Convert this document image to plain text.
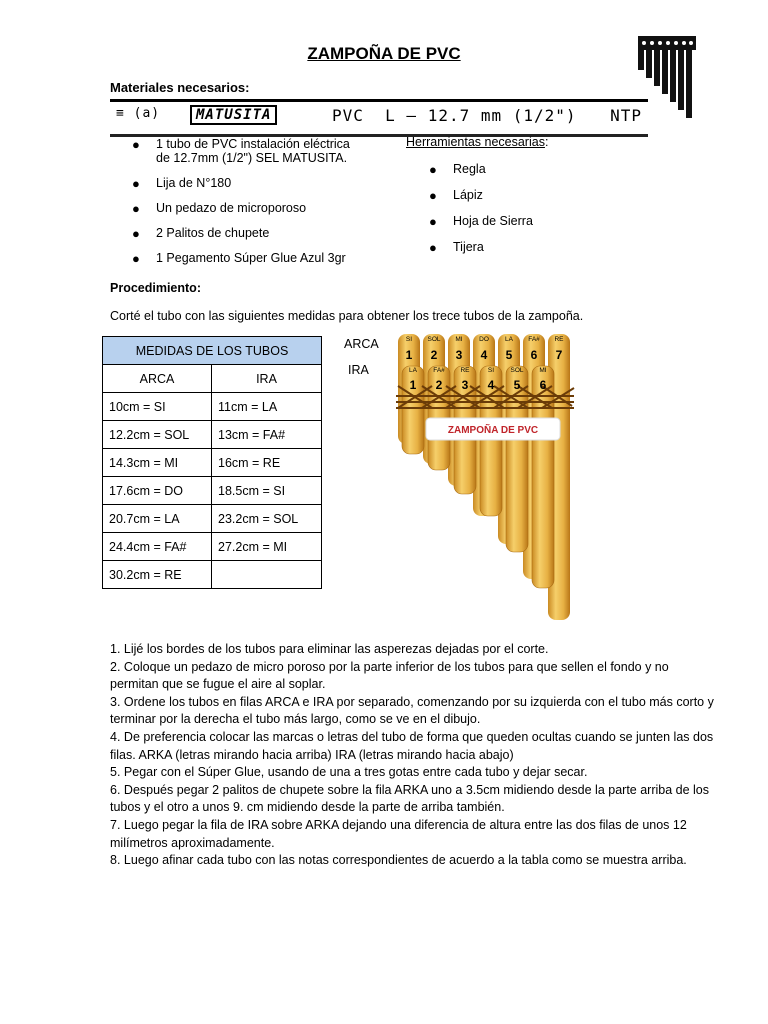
ZAMPOÑA DE PVC
Materiales necesarios:
≡ (a)	MATUSITA	PVC  L – 12.7 mm (1/2") NTP
● 1 tubo de PVC instalación eléctrica
de 12.7mm (1/2") SEL MATUSITA.
● Lija de N°180
● Un pedazo de microporoso
● 2 Palitos de chupete
● 1 Pegamento Súper Glue Azul 3gr
Herramientas necesarias:
● Regla
● Lápiz
● Hoja de Sierra
● Tijera
Procedimiento:
Corté el tubo con las siguientes medidas para obtener los trece tubos de la zampoña.
MEDIDAS DE LOS TUBOS	
ARCA	IRA
10cm = SI	11cm = LA
12.2cm = SOL	13cm = FA#
14.3cm = MI	16cm = RE
17.6cm = DO	18.5cm = SI
20.7cm = LA	23.2cm = SOL
24.4cm = FA#	27.2cm = MI
30.2cm = RE	
ARCA
IRA
ZAMPOÑA DE PVC
SI SOL MI	DO LA FA# RE
1 2 3 4 5 6 7
LA FA# RE	SI	SOL MI
1 2 3 4 5 6

1. Lijé los bordes de los tubos para eliminar las asperezas dejadas por el corte.

2. Coloque un pedazo de micro poroso por la parte inferior de los tubos para que sellen el fondo y no permitan que se fugue el aire al soplar.

3. Ordene los tubos en filas ARCA e IRA por separado, comenzando por su izquierda con el tubo más corto y terminar por la derecha el tubo más largo, como se ve en el dibujo.

4. De preferencia colocar las marcas o letras del tubo de forma que queden ocultas cuando se junten las dos filas. ARKA (letras mirando hacia arriba) IRA (letras mirando hacia abajo)

5. Pegar con el Súper Glue, usando de una a tres gotas entre cada tubo y dejar secar.

6. Después pegar 2 palitos de chupete sobre la fila ARKA uno a 3.5cm midiendo desde la parte arriba de los tubos y el otro a unos 9. cm midiendo desde la parte de arriba también.

7. Luego pegar la fila de IRA sobre ARKA dejando una diferencia de altura entre las dos filas de unos 12 milímetros aproximadamente.

8. Luego afinar cada tubo con las notas correspondientes de acuerdo a la tabla como se muestra arriba.
